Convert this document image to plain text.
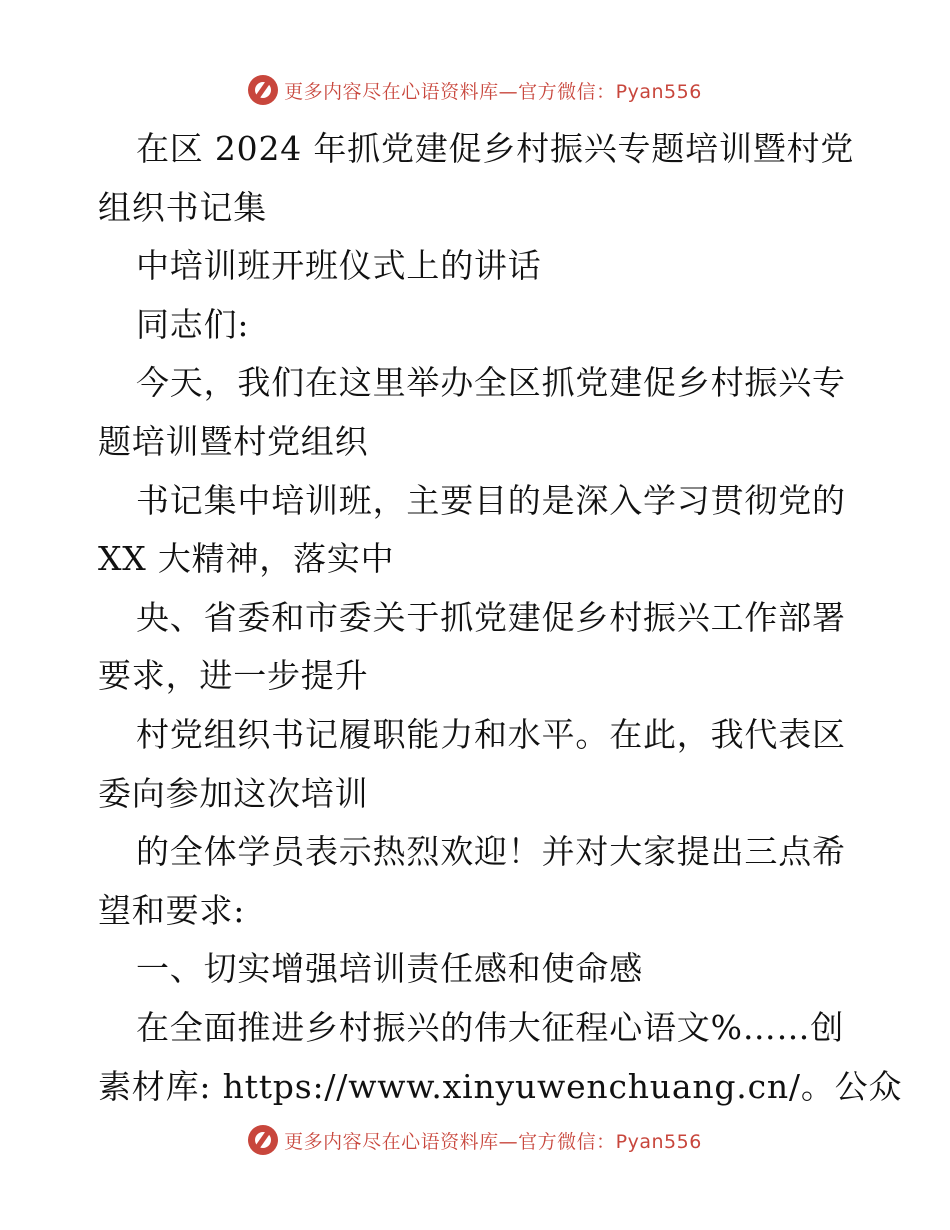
更多内容尽在心语资料库—官方微信：Pyan556
在区 2024 年抓党建促乡村振兴专题培训暨村党
组织书记集
中培训班开班仪式上的讲话
同志们:
今天，我们在这里举办全区抓党建促乡村振兴专
题培训暨村党组织
书记集中培训班，主要目的是深入学习贯彻党的
XX 大精神，落实中
央、省委和市委关于抓党建促乡村振兴工作部署
要求，进一步提升
村党组织书记履职能力和水平。在此，我代表区
委向参加这次培训
的全体学员表示热烈欢迎！并对大家提出三点希
望和要求:
一、切实增强培训责任感和使命感
在全面推进乡村振兴的伟大征程心语文%……创
素材库: https://www.xinyuwenchuang.cn/。公众
更多内容尽在心语资料库—官方微信：Pyan556
